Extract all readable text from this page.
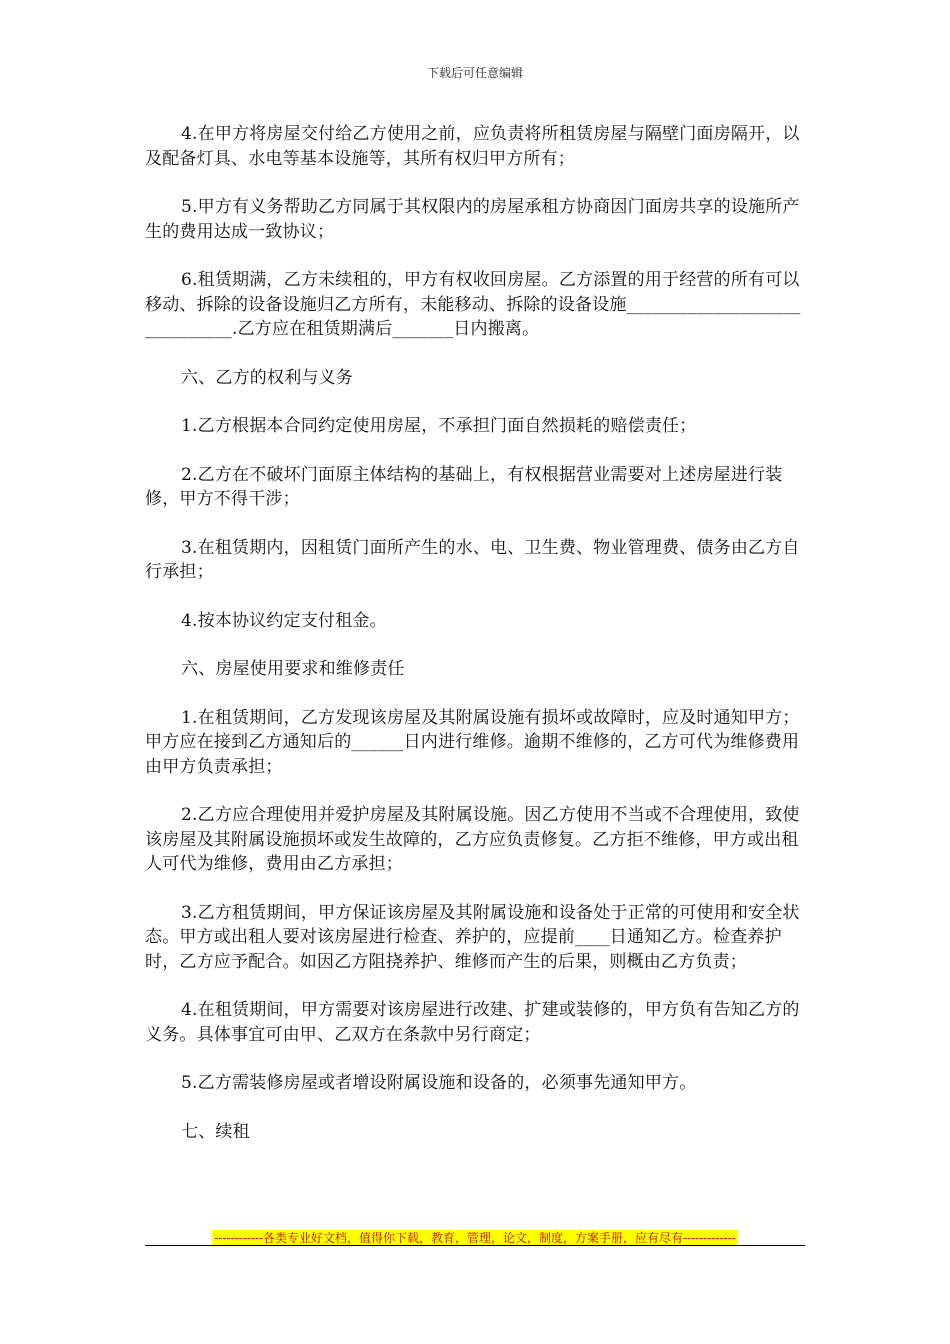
下载后可任意编辑

4.在甲方将房屋交付给乙方使用之前，应负责将所租赁房屋与隔壁门面房隔开，以及配备灯具、水电等基本设施等，其所有权归甲方所有；

5.甲方有义务帮助乙方同属于其权限内的房屋承租方协商因门面房共享的设施所产生的费用达成一致协议；

6.租赁期满，乙方未续租的，甲方有权收回房屋。乙方添置的用于经营的所有可以移动、拆除的设备设施归乙方所有，未能移动、拆除的设备设施______________________________.乙方应在租赁期满后_______日内搬离。

六、乙方的权利与义务

1.乙方根据本合同约定使用房屋，不承担门面自然损耗的赔偿责任；

2.乙方在不破坏门面原主体结构的基础上，有权根据营业需要对上述房屋进行装修，甲方不得干涉；

3.在租赁期内，因租赁门面所产生的水、电、卫生费、物业管理费、债务由乙方自行承担；

4.按本协议约定支付租金。

六、房屋使用要求和维修责任

1.在租赁期间，乙方发现该房屋及其附属设施有损坏或故障时，应及时通知甲方；甲方应在接到乙方通知后的______日内进行维修。逾期不维修的，乙方可代为维修费用由甲方负责承担；

2.乙方应合理使用并爱护房屋及其附属设施。因乙方使用不当或不合理使用，致使该房屋及其附属设施损坏或发生故障的，乙方应负责修复。乙方拒不维修，甲方或出租人可代为维修，费用由乙方承担；

3.乙方租赁期间，甲方保证该房屋及其附属设施和设备处于正常的可使用和安全状态。甲方或出租人要对该房屋进行检查、养护的，应提前____日通知乙方。检查养护时，乙方应予配合。如因乙方阻挠养护、维修而产生的后果，则概由乙方负责；

4.在租赁期间，甲方需要对该房屋进行改建、扩建或装修的，甲方负有告知乙方的义务。具体事宜可由甲、乙双方在条款中另行商定；

5.乙方需装修房屋或者增设附属设施和设备的，必须事先通知甲方。

七、续租

------------各类专业好文档，值得你下载，教育，管理，论文，制度，方案手册，应有尽有-------------
